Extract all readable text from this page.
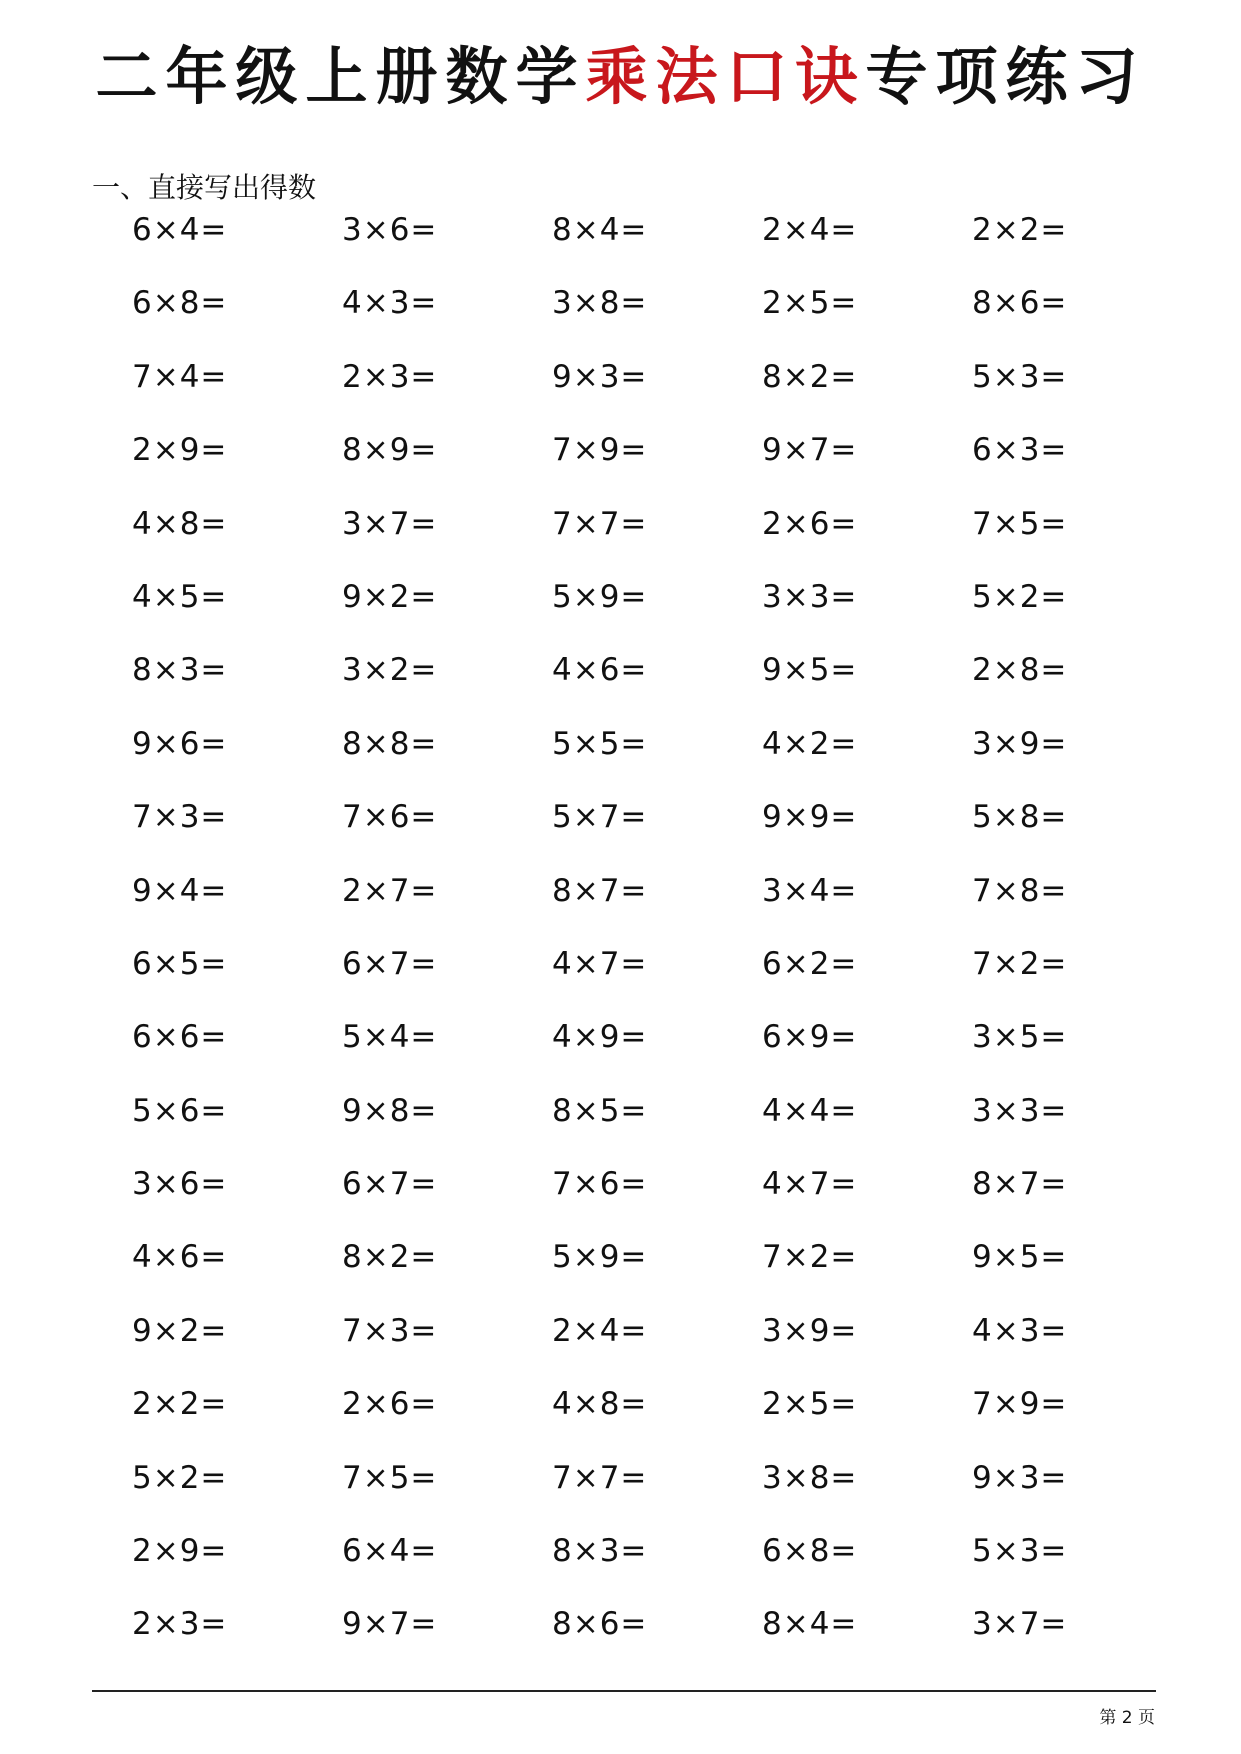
二年级上册数学乘法口诀专项练习
一、直接写出得数
6×4=	3×6=	8×4=	2×4=	2×2=
6×8=	4×3=	3×8=	2×5=	8×6=
7×4=	2×3=	9×3=	8×2=	5×3=
2×9=	8×9=	7×9=	9×7=	6×3=
4×8=	3×7=	7×7=	2×6=	7×5=
4×5=	9×2=	5×9=	3×3=	5×2=
8×3=	3×2=	4×6=	9×5=	2×8=
9×6=	8×8=	5×5=	4×2=	3×9=
7×3=	7×6=	5×7=	9×9=	5×8=
9×4=	2×7=	8×7=	3×4=	7×8=
6×5=	6×7=	4×7=	6×2=	7×2=
6×6=	5×4=	4×9=	6×9=	3×5=
5×6=	9×8=	8×5=	4×4=	3×3=
3×6=	6×7=	7×6=	4×7=	8×7=
4×6=	8×2=	5×9=	7×2=	9×5=
9×2=	7×3=	2×4=	3×9=	4×3=
2×2=	2×6=	4×8=	2×5=	7×9=
5×2=	7×5=	7×7=	3×8=	9×3=
2×9=	6×4=	8×3=	6×8=	5×3=
2×3=	9×7=	8×6=	8×4=	3×7=
第 2 页
